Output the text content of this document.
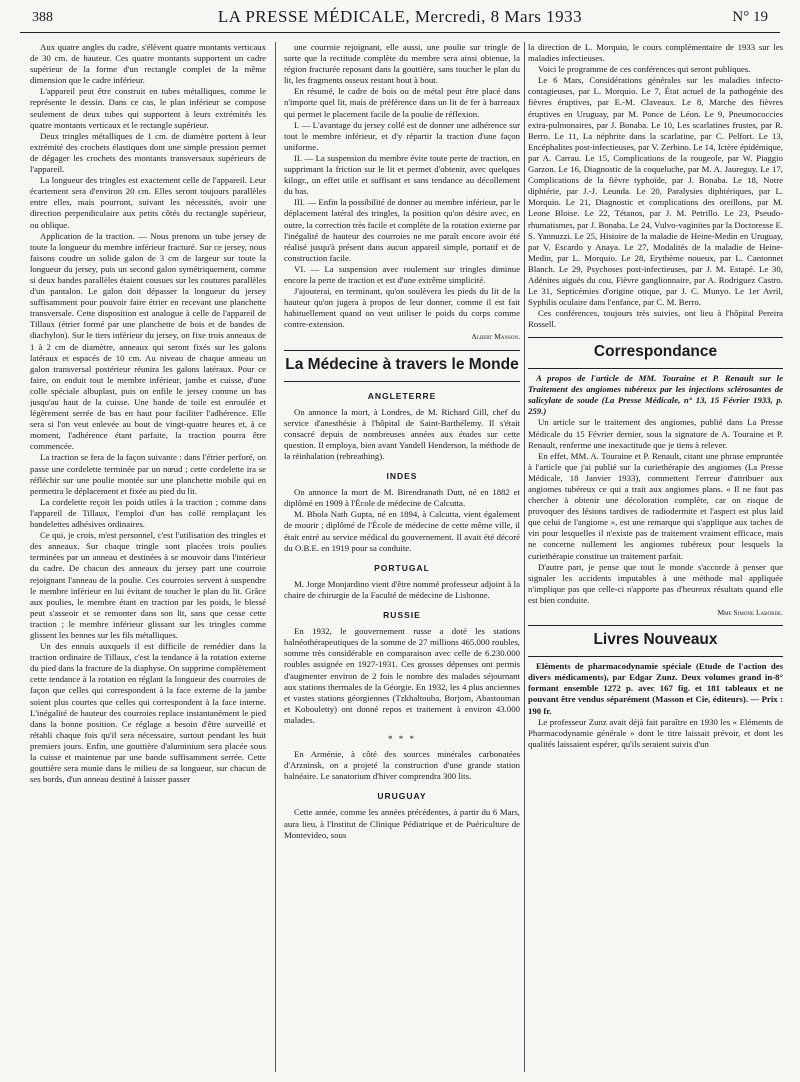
388	LA PRESSE MÉDICALE, Mercredi, 8 Mars 1933	N° 19

Aux quatre angles du cadre, s'élèvent quatre montants verticaux de 30 cm. de hauteur. Ces quatre montants supportent un cadre supérieur de la forme d'un rectangle complet de la même dimension que le cadre inférieur.

L'appareil peut être construit en tubes métalliques, comme le représente le dessin. Dans ce cas, le plan inférieur se compose seulement de deux tubes qui supportent à leurs extrémités les quatre montants verticaux et le rectangle supérieur.

Deux tringles métalliques de 1 cm. de diamètre portent à leur extrémité des crochets élastiques dont une simple pression permet de dégager les crochets des montants transversaux supérieurs de l'appareil.

La longueur des tringles est exactement celle de l'appareil. Leur écartement sera d'environ 20 cm. Elles seront toujours parallèles entre elles, mais pourront, suivant les nécessités, avoir une direction perpendiculaire aux petits côtés du rectangle supérieur, ou oblique.

Application de la traction. — Nous prenons un tube jersey de toute la longueur du membre inférieur fracturé. Sur ce jersey, nous faisons coudre un solide galon de 3 cm de largeur sur toute la longueur du jersey, puis un second galon symétriquement, comme si deux bandes parallèles étaient cousues sur les coutures parallèles d'un pantalon. Le galon doit dépasser la longueur du jersey suffisamment pour pouvoir faire étrier en recevant une planchette transversale. Cette disposition est analogue à celle de l'appareil de Tillaux (étrier formé par une planchette de bois et de bandes de diachylon). Sur le tiers inférieur du jersey, on fixe trois anneaux de 1 à 2 cm de diamètre, anneaux qui seront fixés sur les galons latéraux et espacés de 10 cm. Au niveau de chaque anneau un galon transversal postérieur réunira les galons latéraux. Pour ce faire, on enduit tout le membre inférieur, jambe et cuisse, d'une colle spéciale albuplast, puis on enfile le jersey comme un bas jusqu'au haut de la cuisse. Une bande de toile est enroulée et légèrement serrée de bas en haut pour faciliter l'adhérence. Elle sera si l'on veut enlevée au bout de vingt-quatre heures et, à ce moment, l'adhérence étant parfaite, la traction pourra être commencée.

La traction se fera de la façon suivante : dans l'étrier perforé, on passe une cordelette terminée par un nœud ; cette cordelette ira se réfléchir sur une poulie montée sur une planchette mobile qui en permettra le déplacement et fixée au pied du lit.

La cordelette reçoit les poids utiles à la traction ; comme dans l'appareil de Tillaux, l'emploi d'un bas collé remplaçant les bandelettes adhésives ordinaires.

Ce qui, je crois, m'est personnel, c'est l'utilisation des tringles et des anneaux. Sur chaque tringle sont placées trois poulies terminées par un anneau et destinées à se mouvoir dans l'intérieur du cadre. De chacun des anneaux du jersey part une courroie rejoignant l'anneau de la poulie. Ces courroies servent à suspendre le membre inférieur en lui évitant de toucher le plan du lit. Grâce aux poulies, le membre étant en traction par les poids, le blessé peut s'asseoir et se remonter dans son lit, sans que cesse cette traction ; le membre inférieur glissant sur les tringles comme glissent les bennes sur les fils métalliques.

Un des ennuis auxquels il est difficile de remédier dans la traction ordinaire de Tillaux, c'est la tendance à la rotation externe du pied dans la fracture de la diaphyse. On supprime complètement cette tendance à la rotation en réglant la longueur des courroies de façon que celles qui correspondent à la face externe de la jambe soient plus courtes que celles qui correspondent à la face interne. L'inégalité de hauteur des courroies replace instantanément le pied dans la bonne position. Ce réglage a besoin d'être surveillé et rétabli chaque fois qu'il sera nécessaire, surtout pendant les huit premiers jours. Enfin, une gouttière d'aluminium sera placée sous la cuisse et maintenue par une bande suffisamment serrée. Cette gouttière sera munie dans le milieu de sa longueur, sur chacun de ses bords, d'un anneau destiné à laisser passer

une courroie rejoignant, elle aussi, une poulie sur tringle de sorte que la rectitude complète du membre sera ainsi obtenue, la région fracturée reposant dans la gouttière, sans toucher le plan du lit, les fragments osseux restant bout à bout.

En résumé, le cadre de bois ou de métal peut être placé dans n'importe quel lit, mais de préférence dans un lit de fer à barreaux qui permet le placement facile de la poulie de réflexion.

I. — L'avantage du jersey collé est de donner une adhérence sur tout le membre inférieur, et d'y répartir la traction d'une façon uniforme.

II. — La suspension du membre évite toute perte de traction, en supprimant la friction sur le lit et permet d'obtenir, avec quelques kilogr., un effet utile et suffisant et sans tendance au décollement du bas.

III. — Enfin la possibilité de donner au membre inférieur, par le déplacement latéral des tringles, la position qu'on désire avec, en outre, la correction très facile et complète de la rotation externe par l'inégalité de hauteur des courroies ne me paraît encore avoir été réalisé jusqu'à présent dans aucun appareil simple, portatif et de construction facile.

VI. — La suspension avec roulement sur tringles diminue encore la perte de traction et est d'une extrême simplicité.

J'ajouterai, en terminant, qu'on soulèvera les pieds du lit de la hauteur qu'on jugera à propos de leur donner, comme il est fait habituellement quand on veut utiliser le poids du corps comme contre-extension.

Albert Manson.
La Médecine à travers le Monde
ANGLETERRE

On annonce la mort, à Londres, de M. Richard Gill, chef du service d'anesthésie à l'hôpital de Saint-Barthélemy. Il s'était consacré depuis de nombreuses années aux études sur cette question. Il employa, bien avant Yandell Henderson, la méthode de la réinhalation (rebreathing).

INDES

On annonce la mort de M. Birendranath Dutt, né en 1882 et diplômé en 1909 à l'École de médecine de Calcutta.

M. Bhola Nath Gupta, né en 1894, à Calcutta, vient également de mourir ; diplômé de l'École de médecine de cette même ville, il était entré au service médical du gouvernement. Il avait été décoré du O.B.E. en 1919 pour sa conduite.

PORTUGAL

M. Jorge Monjardino vient d'être nommé professeur adjoint à la chaire de chirurgie de la Faculté de médecine de Lisbonne.

RUSSIE

En 1932, le gouvernement russe a doté les stations balnéothérapeutiques de la somme de 27 millions 465.000 roubles, somme très considérable en comparaison avec celle de 6.230.000 roubles assignée en 1927-1931. Ces grosses dépenses ont permis d'augmenter environ de 2 fois le nombre des malades séjournant aux stations thermales de la Géorgie. En 1932, les 4 plus anciennes et vastes stations géorgiennes (Tzkhaltouba, Borjom, Abastouman et Kobouletty) ont donné repos et traitement à environ 43.000 malades.

* * *

En Arménie, à côté des sources minérales carbonatées d'Arzninsk, on a projeté la construction d'une grande station balnéaire. Le sanatorium d'hiver comprendra 300 lits.

URUGUAY

Cette année, comme les années précédentes, à partir du 6 Mars, aura lieu, à l'Institut de Clinique Pédiatrique et de Puériculture de Montevideo, sous

la direction de L. Morquio, le cours complémentaire de 1933 sur les maladies infectieuses.

Voici le programme de ces conférences qui seront publiques.

Le 6 Mars, Considérations générales sur les maladies infecto-contagieuses, par L. Morquio. Le 7, État actuel de la pathogénie des fièvres éruptives, par E.-M. Claveaux. Le 8, Marche des fièvres éruptives en Uruguay, par M. Ponce de Léon. Le 9, Pneumococcies extra-pulmonaires, par J. Bonaba. Le 10, Les scarlatines frustes, par R. Berro. Le 11, La néphrite dans la scarlatine, par C. Pelfort. Le 13, Encéphalites post-infectieuses, par V. Zerbino. Le 14, Ictère épidémique, par A. Carrau. Le 15, Complications de la rougeole, par W. Piaggio Garzon. Le 16, Diagnostic de la coqueluche, par M. A. Jaureguy. Le 17, Complications de la fièvre typhoïde, par J. Bonaba. Le 18, Notre diphtérie, par J.-J. Leunda. Le 20, Paralysies diphtériques, par L. Morquio. Le 21, Diagnostic et complications des oreillons, par M. Leone Bloise. Le 22, Tétanos, par J. M. Petrillo. Le 23, Pseudo-rhumatismes, par J. Bonaba. Le 24, Vulvo-vaginites par la Doctoresse E. S. Yannuzzi. Le 25, Histoire de la maladie de Heine-Medin en Uruguay, par V. Escardo y Anaya. Le 27, Modalités de la maladie de Heine-Medin, par L. Morquio. Le 28, Erythème noueux, par L. Cantonnet Blanch. Le 29, Psychoses post-infectieuses, par J. M. Estapé. Le 30, Adénites aiguës du cou, Fièvre ganglionnaire, par A. Rodriguez Castro. Le 31, Septicémies d'origine otique, par J. C. Munyo. Le 1er Avril, Syphilis oculaire dans l'enfance, par C. M. Berro.

Ces conférences, toujours très suivies, ont lieu à l'hôpital Pereira Rossell.

Correspondance

A propos de l'article de MM. Touraine et P. Renault sur le Traitement des angiomes tubéreux par les injections sclérosantes de salicylate de soude (La Presse Médicale, n° 13, 15 Février 1933, p. 259.)

Un article sur le traitement des angiomes, publié dans La Presse Médicale du 15 Février dernier, sous la signature de A. Touraine et P. Renault, renferme une inexactitude que je tiens à relever.

En effet, MM. A. Touraine et P. Renault, citant une phrase empruntée à l'article que j'ai publié sur la curiethérapie des angiomes (La Presse Médicale, 18 Janvier 1933), commettent l'erreur d'attribuer aux angiomes tubéreux ce qui a trait aux angiomes plans. « Il ne faut pas chercher à obtenir une décoloration complète, car on risque de provoquer des lésions tardives de radiodermite et l'aspect est plus laid que celui de l'angiome », est une remarque qui s'applique aux taches de vin pour lesquelles il n'existe pas de traitement vraiment efficace, mais ne concerne nullement les angiomes tubéreux pour lesquels la curiethérapie constitue un traitement parfait.

D'autre part, je pense que tout le monde s'accorde à penser que signaler les accidents imputables à une méthode mal appliquée n'implique pas que celle-ci n'apporte pas d'heureux résultats quand elle est bien conduite.

Mme Simone Laborde.
Livres Nouveaux

Eléments de pharmacodynamie spéciale (Etude de l'action des divers médicaments), par Edgar Zunz. Deux volumes grand in-8° formant ensemble 1272 p. avec 167 fig. et 181 tableaux et ne pouvant être vendus séparément (Masson et Cie, éditeurs). — Prix : 190 fr.

Le professeur Zunz avait déjà fait paraître en 1930 les « Eléments de Pharmacodynamie générale » dont le titre laissait prévoir, et dont les qualités laissaient espérer, qu'ils seraient suivis d'un
